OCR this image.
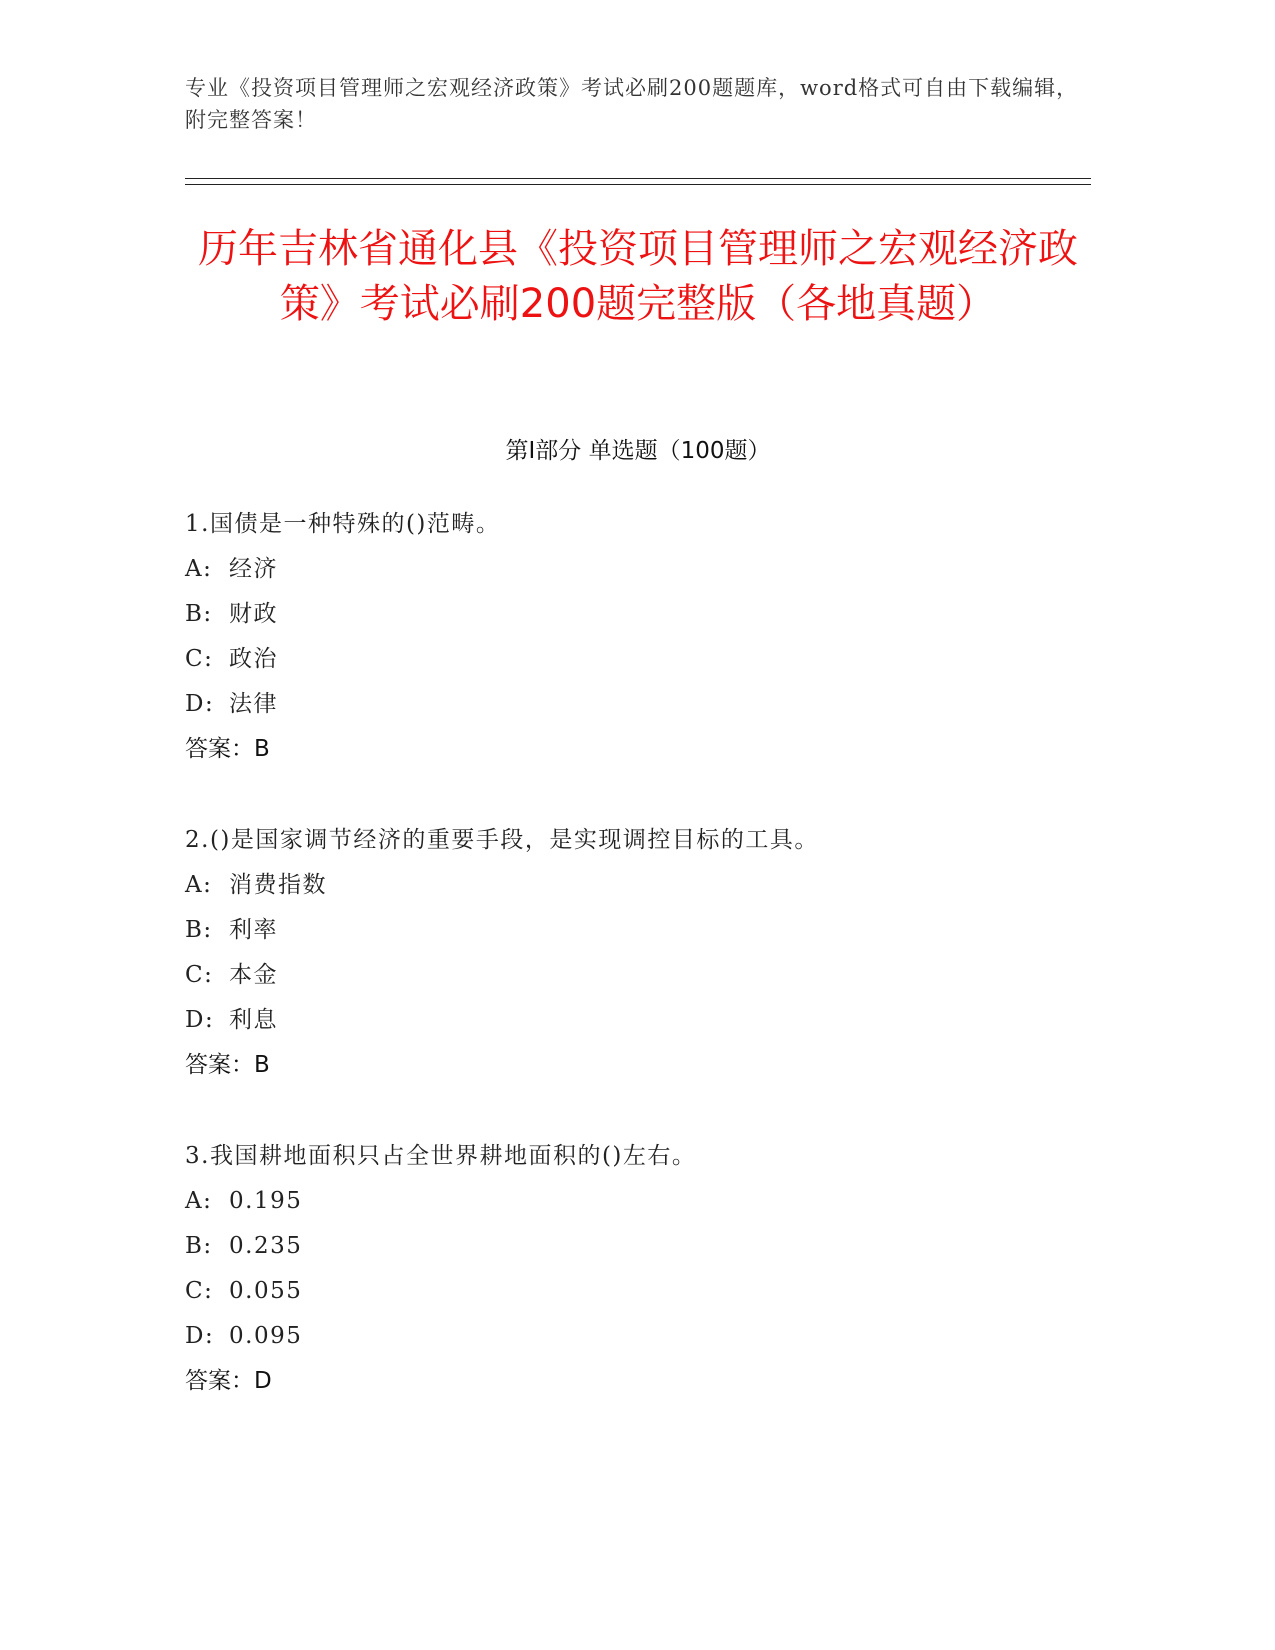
专业《投资项目管理师之宏观经济政策》考试必刷200题题库，word格式可自由下载编辑，附完整答案！
历年吉林省通化县《投资项目管理师之宏观经济政策》考试必刷200题完整版（各地真题）
第I部分 单选题（100题）
1.国债是一种特殊的()范畴。
A: 经济
B: 财政
C: 政治
D: 法律
答案：B
2.()是国家调节经济的重要手段，是实现调控目标的工具。
A: 消费指数
B: 利率
C: 本金
D: 利息
答案：B
3.我国耕地面积只占全世界耕地面积的()左右。
A: 0.195
B: 0.235
C: 0.055
D: 0.095
答案：D
